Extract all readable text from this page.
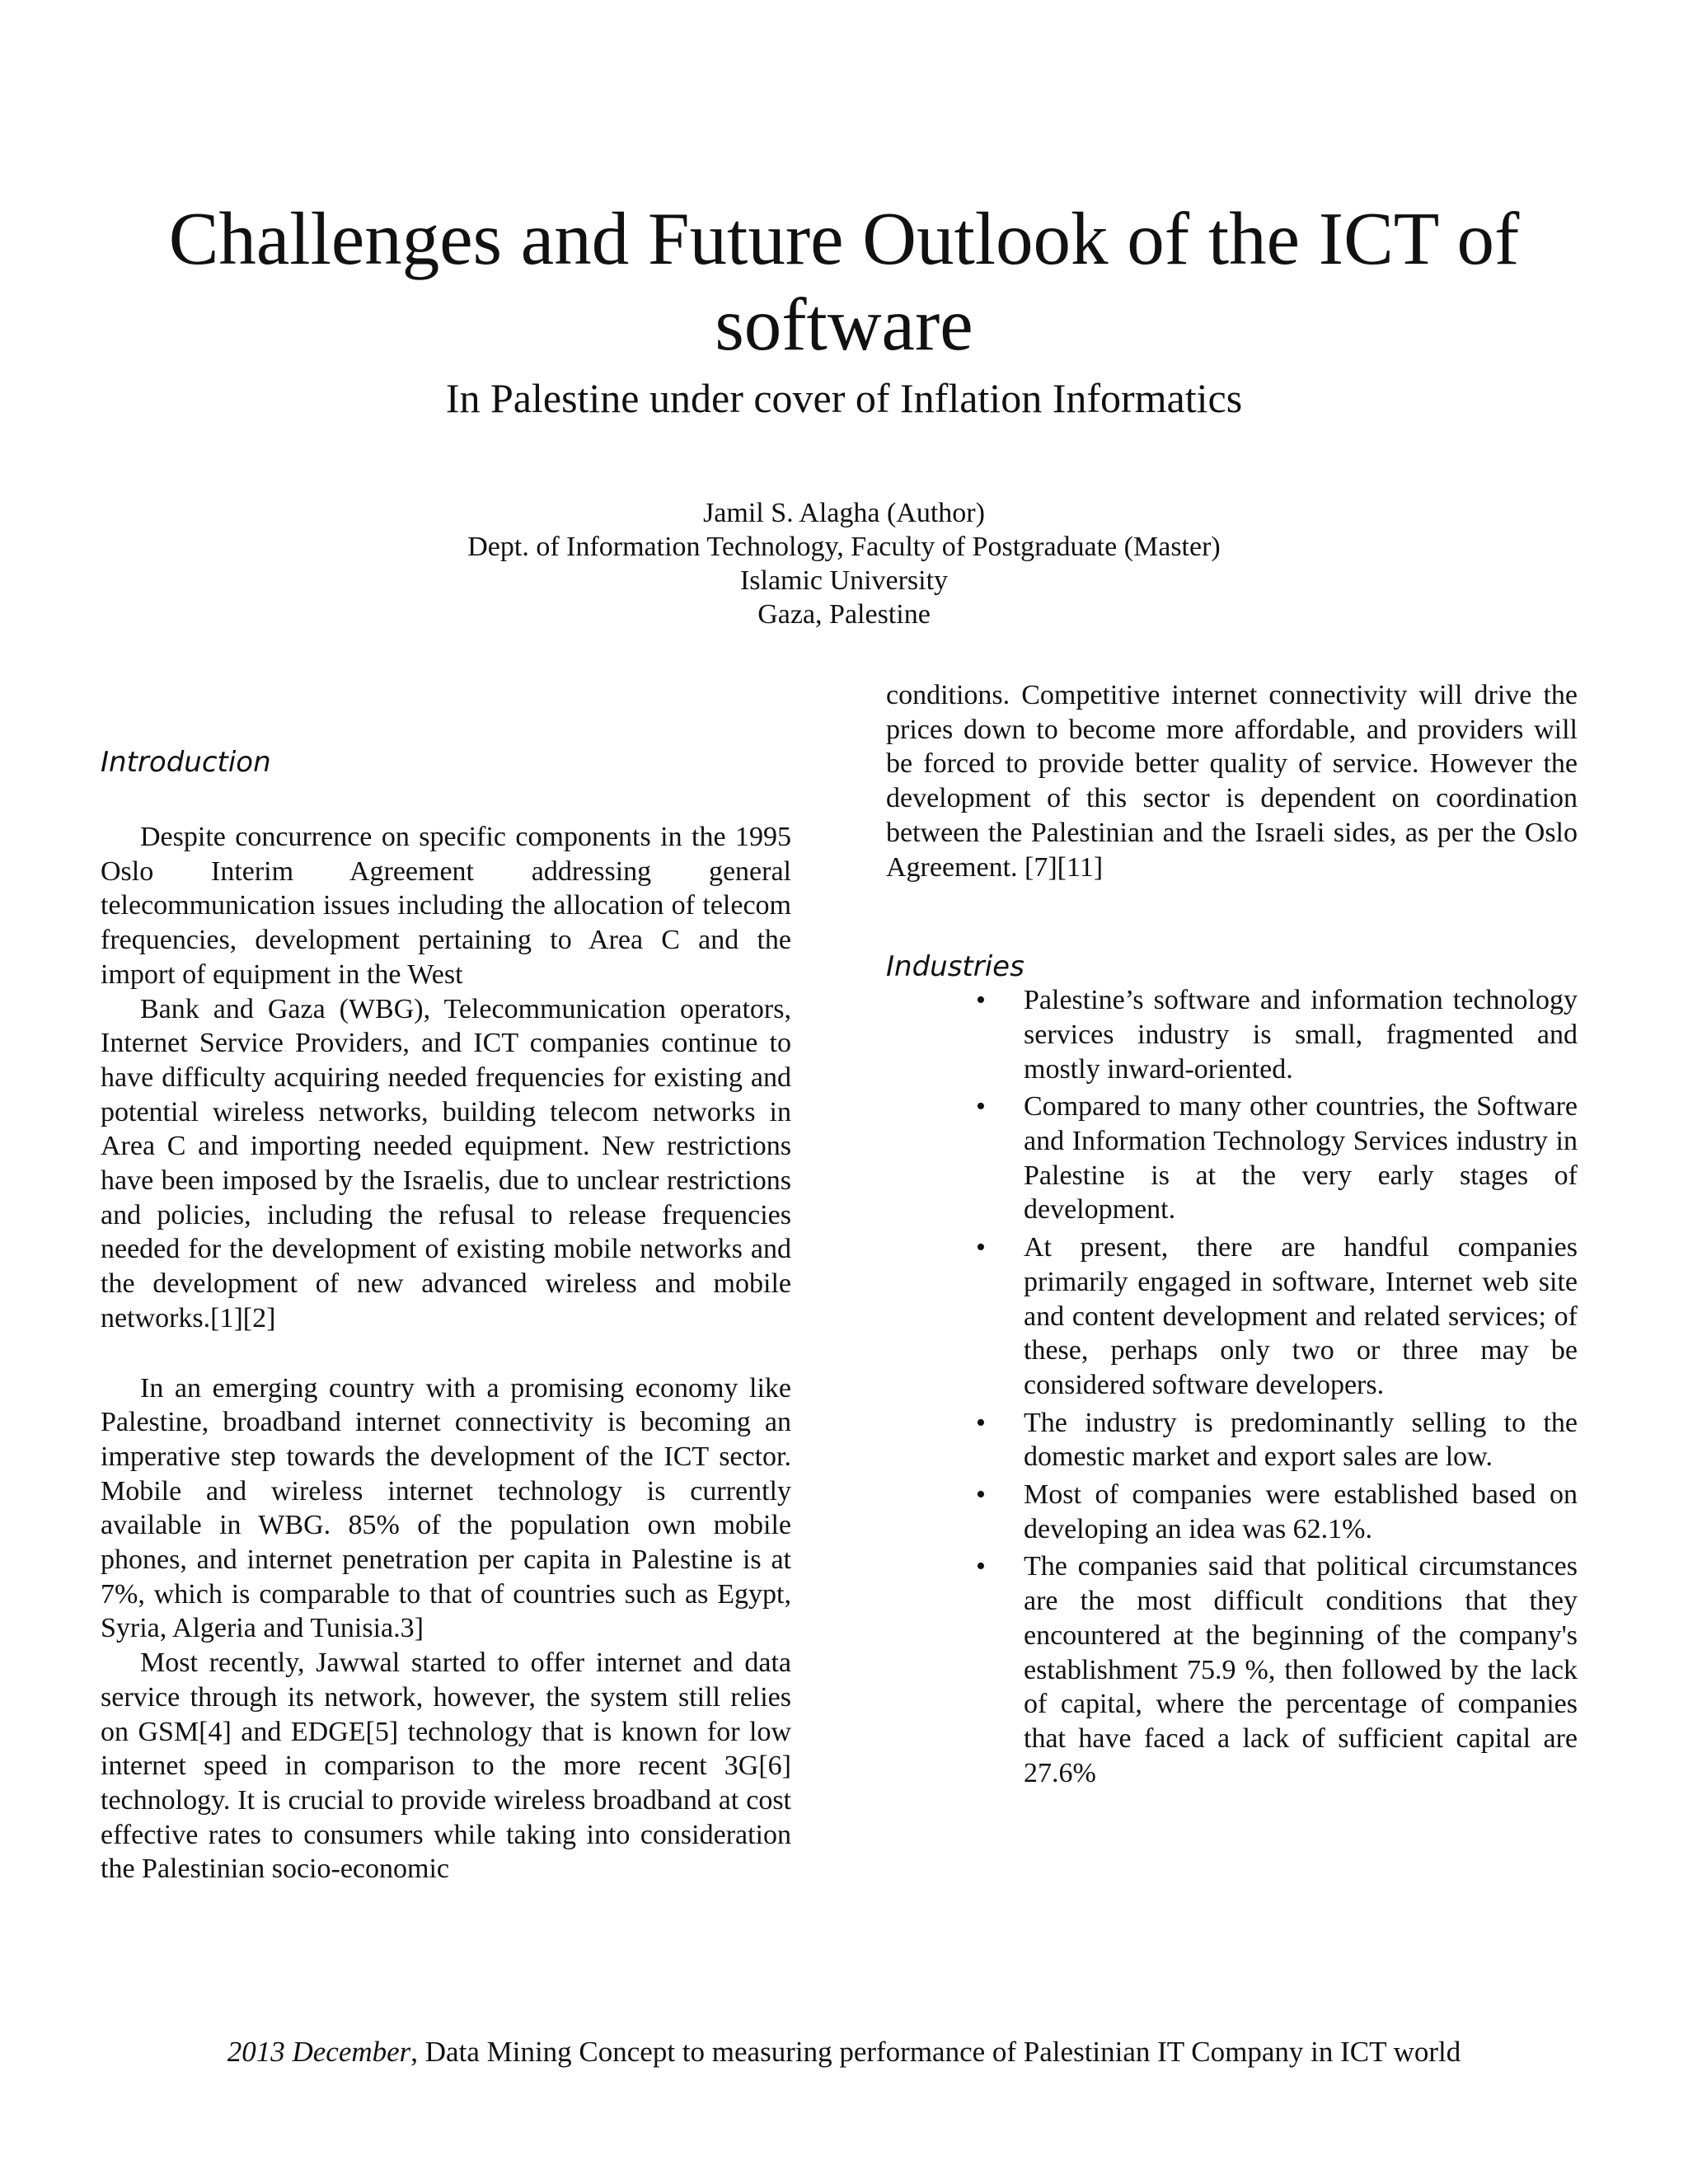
Challenges and Future Outlook of the ICT of software
In Palestine under cover of Inflation Informatics
Jamil S. Alagha (Author)
Dept. of Information Technology, Faculty of Postgraduate (Master)
Islamic University
Gaza, Palestine
Introduction

Despite concurrence on specific components in the 1995 Oslo Interim Agreement addressing general telecommunication issues including the allocation of telecom frequencies, development pertaining to Area C and the import of equipment in the West

Bank and Gaza (WBG), Telecommunication operators, Internet Service Providers, and ICT companies continue to have difficulty acquiring needed frequencies for existing and potential wireless networks, building telecom networks in Area C and importing needed equipment. New restrictions have been imposed by the Israelis, due to unclear restrictions and policies, including the refusal to release frequencies needed for the development of existing mobile networks and the development of new advanced wireless and mobile networks.[1][2]

In an emerging country with a promising economy like Palestine, broadband internet connectivity is becoming an imperative step towards the development of the ICT sector. Mobile and wireless internet technology is currently available in WBG. 85% of the population own mobile phones, and internet penetration per capita in Palestine is at 7%, which is comparable to that of countries such as Egypt, Syria, Algeria and Tunisia.3]

Most recently, Jawwal started to offer internet and data service through its network, however, the system still relies on GSM[4] and EDGE[5] technology that is known for low internet speed in comparison to the more recent 3G[6] technology. It is crucial to provide wireless broadband at cost effective rates to consumers while taking into consideration the Palestinian socio-economic

conditions. Competitive internet connectivity will drive the prices down to become more affordable, and providers will be forced to provide better quality of service. However the development of this sector is dependent on coordination between the Palestinian and the Israeli sides, as per the Oslo Agreement. [7][11]

Industries
• Palestine’s software and information technology services industry is small, fragmented and mostly inward-oriented.
• Compared to many other countries, the Software and Information Technology Services industry in Palestine is at the very early stages of development.
• At present, there are handful companies primarily engaged in software, Internet web site and content development and related services; of these, perhaps only two or three may be considered software developers.
• The industry is predominantly selling to the domestic market and export sales are low.
• Most of companies were established based on developing an idea was 62.1%.
• The companies said that political circumstances are the most difficult conditions that they encountered at the beginning of the company's establishment 75.9 %, then followed by the lack of capital, where the percentage of companies that have faced a lack of sufficient capital are 27.6%
2013 December, Data Mining Concept to measuring performance of Palestinian IT Company in ICT world
